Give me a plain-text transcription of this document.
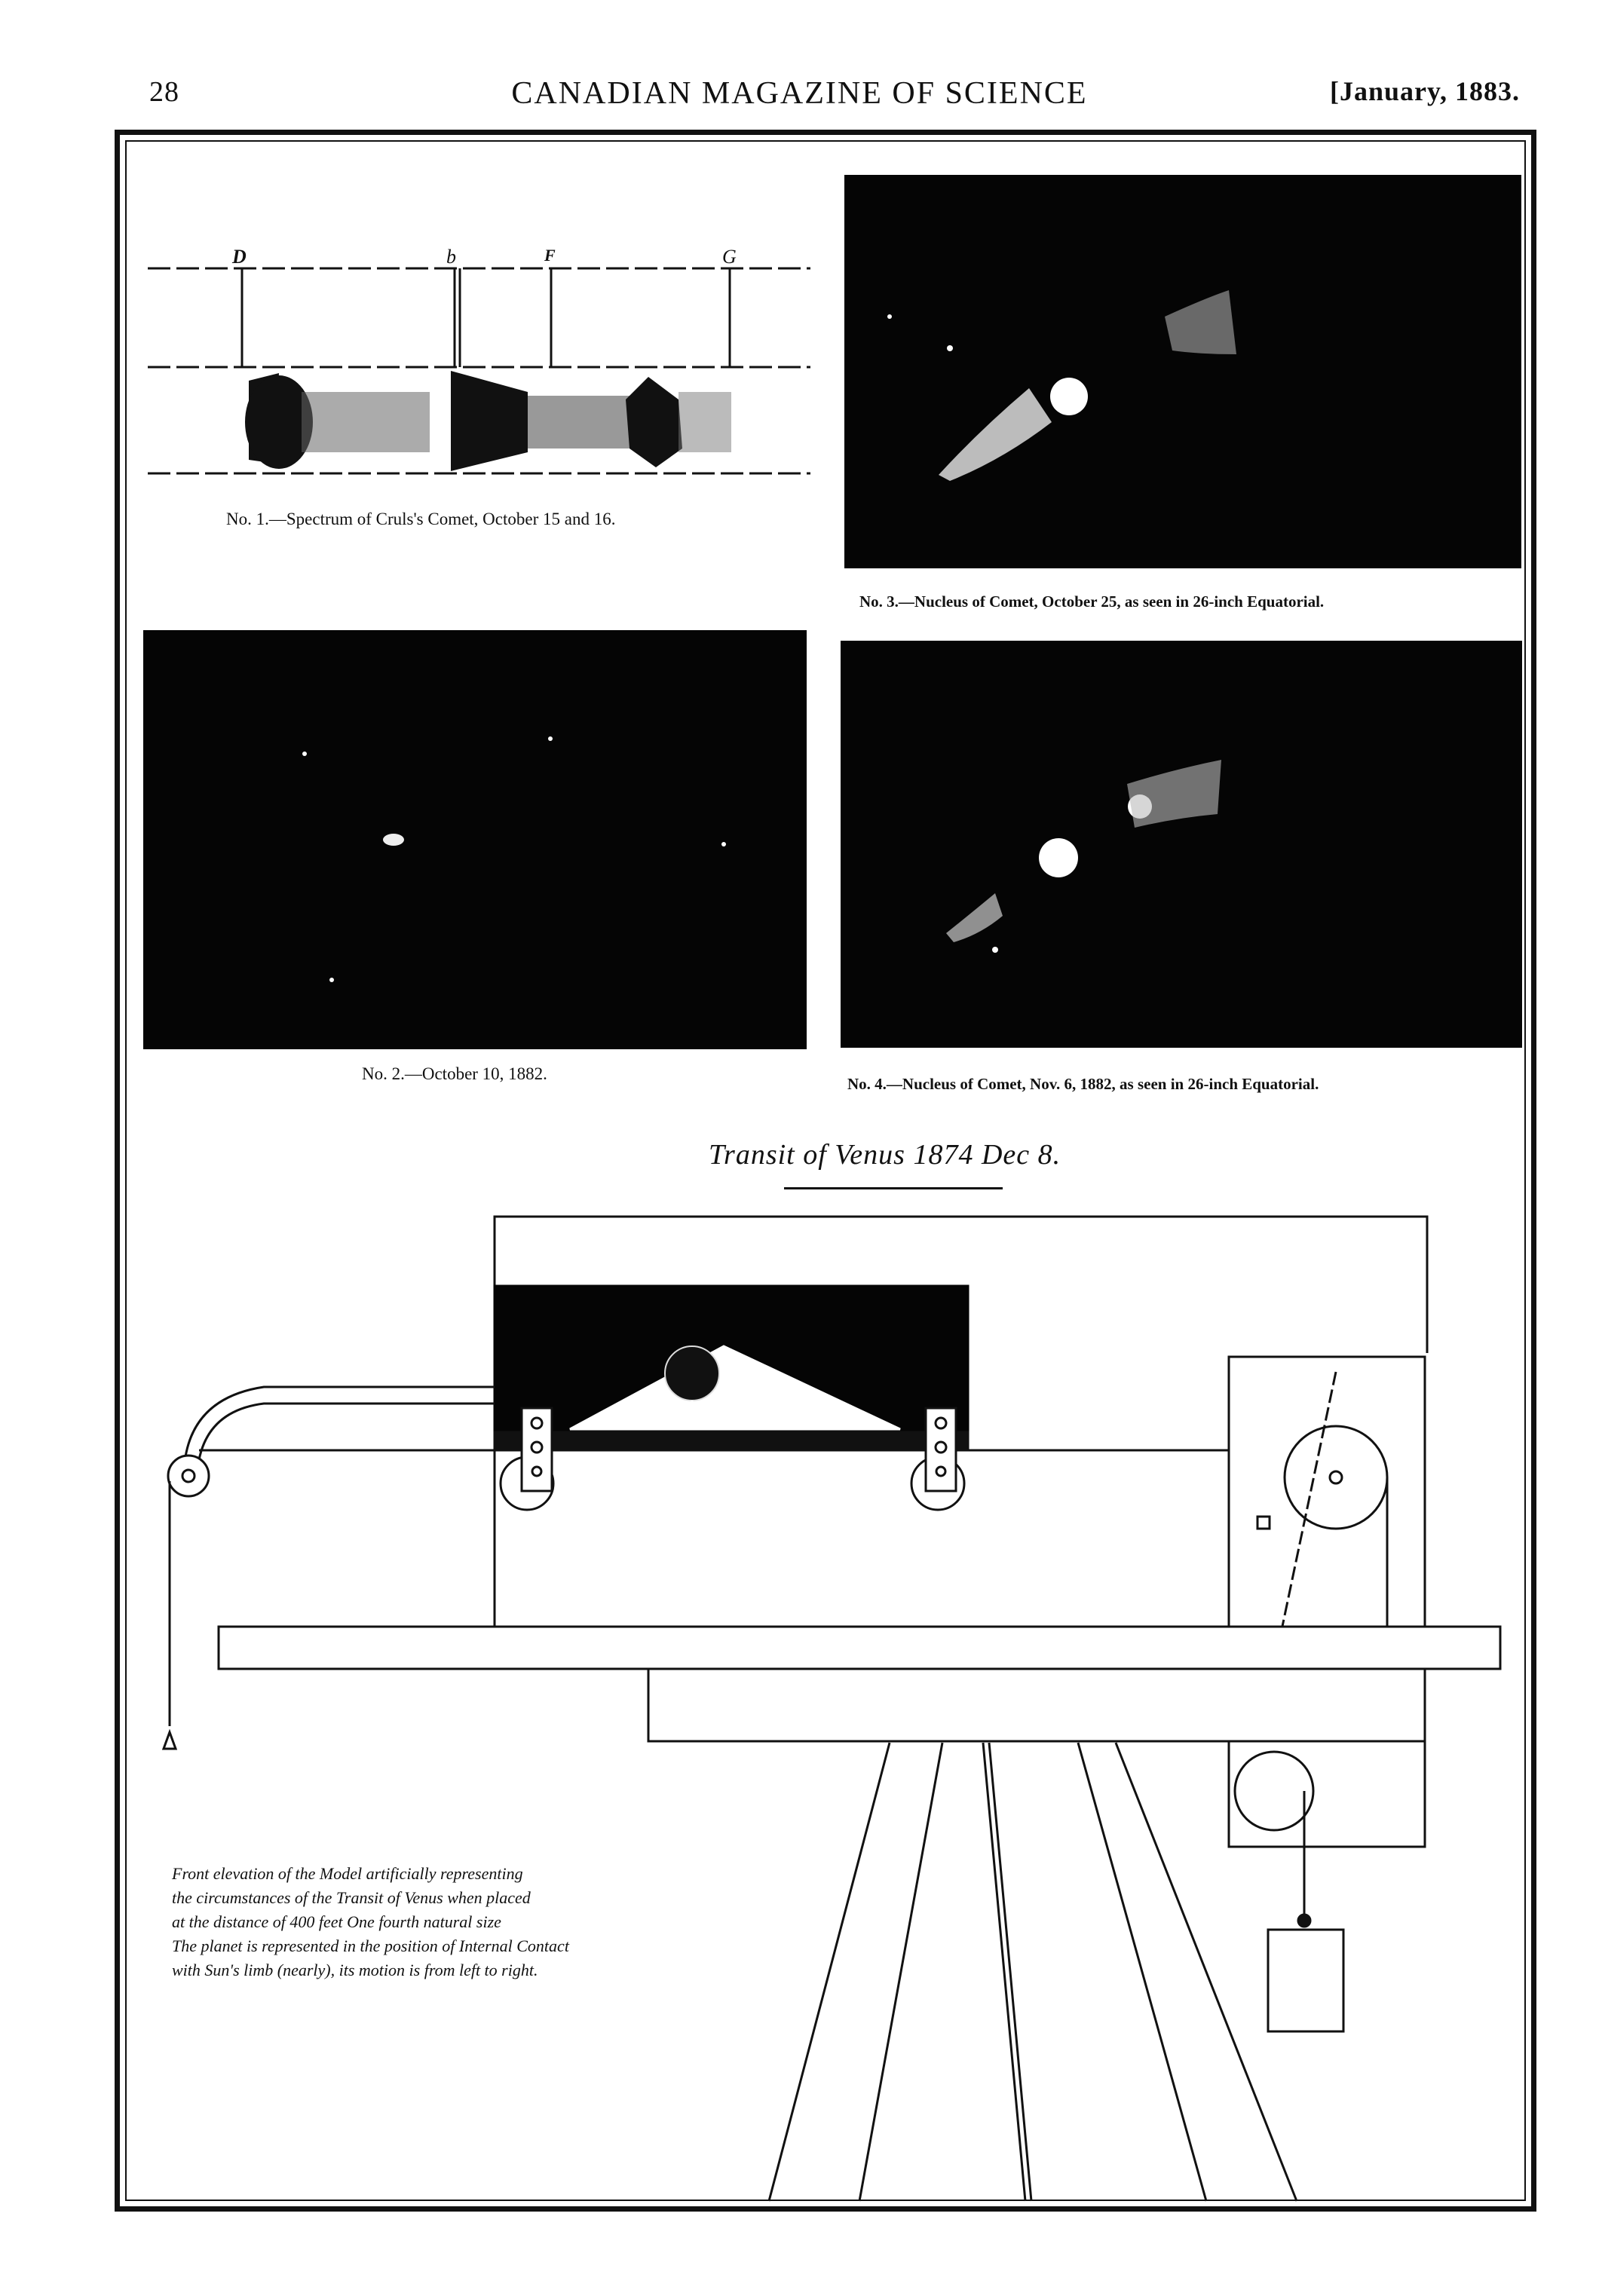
28	CANADIAN MAGAZINE OF SCIENCE	[January, 1883.
D	b	F	G
No. 1.—Spectrum of Cruls's Comet, October 15 and 16.
No. 3.—Nucleus of Comet, October 25, as seen in 26-inch Equatorial.
No. 2.—October 10, 1882.
No. 4.—Nucleus of Comet, Nov. 6, 1882, as seen in 26-inch Equatorial.
Transit of Venus 1874 Dec 8.
Front elevation of the Model artificially representing
the circumstances of the Transit of Venus when placed
at the distance of 400 feet One fourth natural size
The planet is represented in the position of Internal Contact
with Sun's limb (nearly), its motion is from left to right.
